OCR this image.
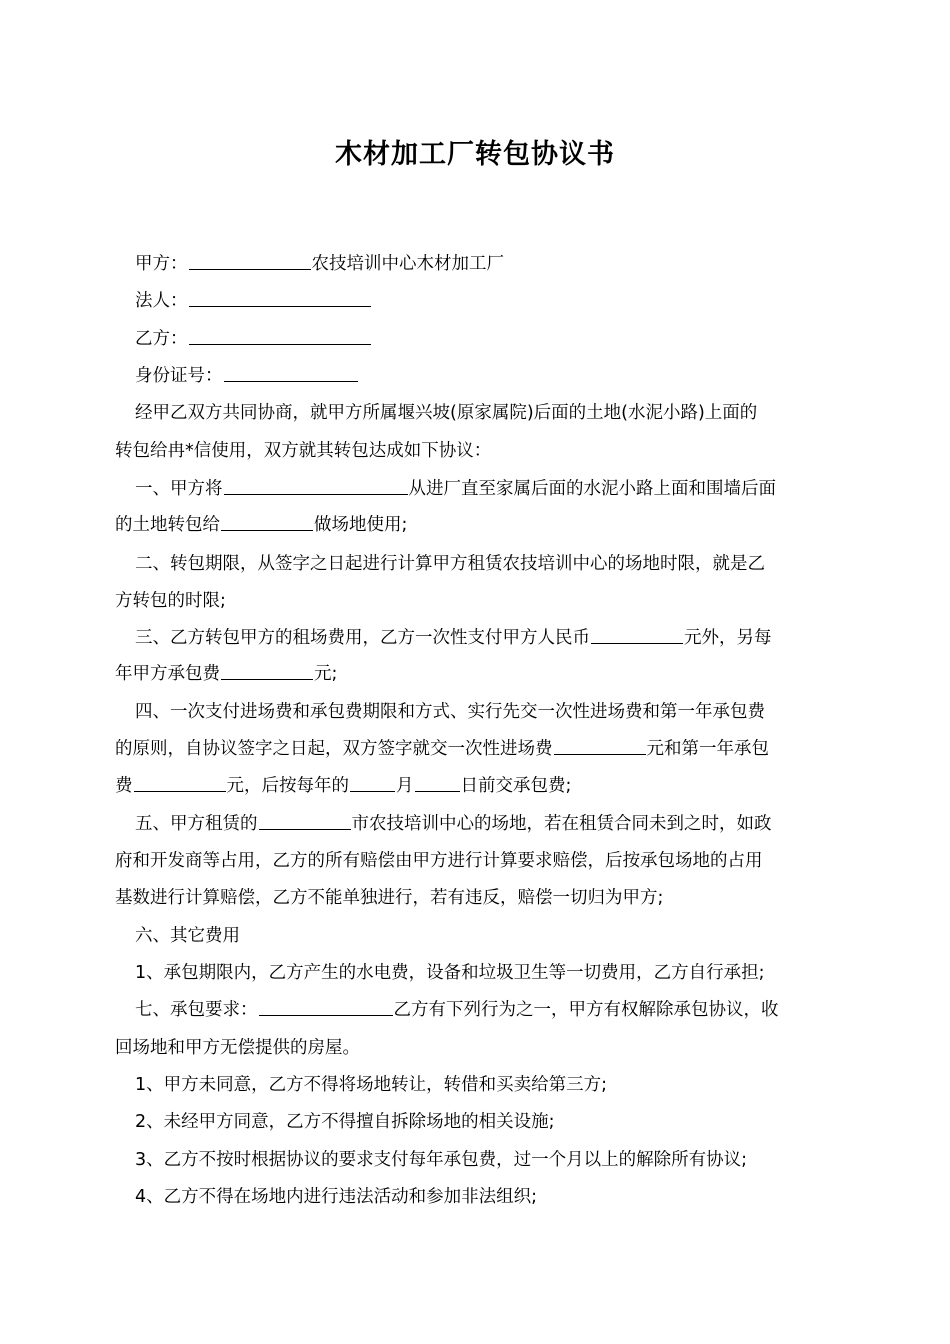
木材加工厂转包协议书
甲方：	农技培训中心木材加工厂
法人：
乙方：
身份证号：
经甲乙双方共同协商，就甲方所属堰兴坡(原家属院)后面的土地(水泥小路)上面的
转包给冉*信使用，双方就其转包达成如下协议：
一、甲方将	从进厂直至家属后面的水泥小路上面和围墙后面
的土地转包给	做场地使用;
二、转包期限，从签字之日起进行计算甲方租赁农技培训中心的场地时限，就是乙
方转包的时限;
三、乙方转包甲方的租场费用，乙方一次性支付甲方人民币	元外，另每
年甲方承包费	元;
四、一次支付进场费和承包费期限和方式、实行先交一次性进场费和第一年承包费
的原则，自协议签字之日起，双方签字就交一次性进场费	元和第一年承包
费	元，后按每年的	月	日前交承包费;
五、甲方租赁的	市农技培训中心的场地，若在租赁合同未到之时，如政
府和开发商等占用，乙方的所有赔偿由甲方进行计算要求赔偿，后按承包场地的占用
基数进行计算赔偿，乙方不能单独进行，若有违反，赔偿一切归为甲方;
六、其它费用
1、承包期限内，乙方产生的水电费，设备和垃圾卫生等一切费用，乙方自行承担;
七、承包要求：	乙方有下列行为之一，甲方有权解除承包协议，收
回场地和甲方无偿提供的房屋。
1、甲方未同意，乙方不得将场地转让，转借和买卖给第三方;
2、未经甲方同意，乙方不得擅自拆除场地的相关设施;
3、乙方不按时根据协议的要求支付每年承包费，过一个月以上的解除所有协议;
4、乙方不得在场地内进行违法活动和参加非法组织;
